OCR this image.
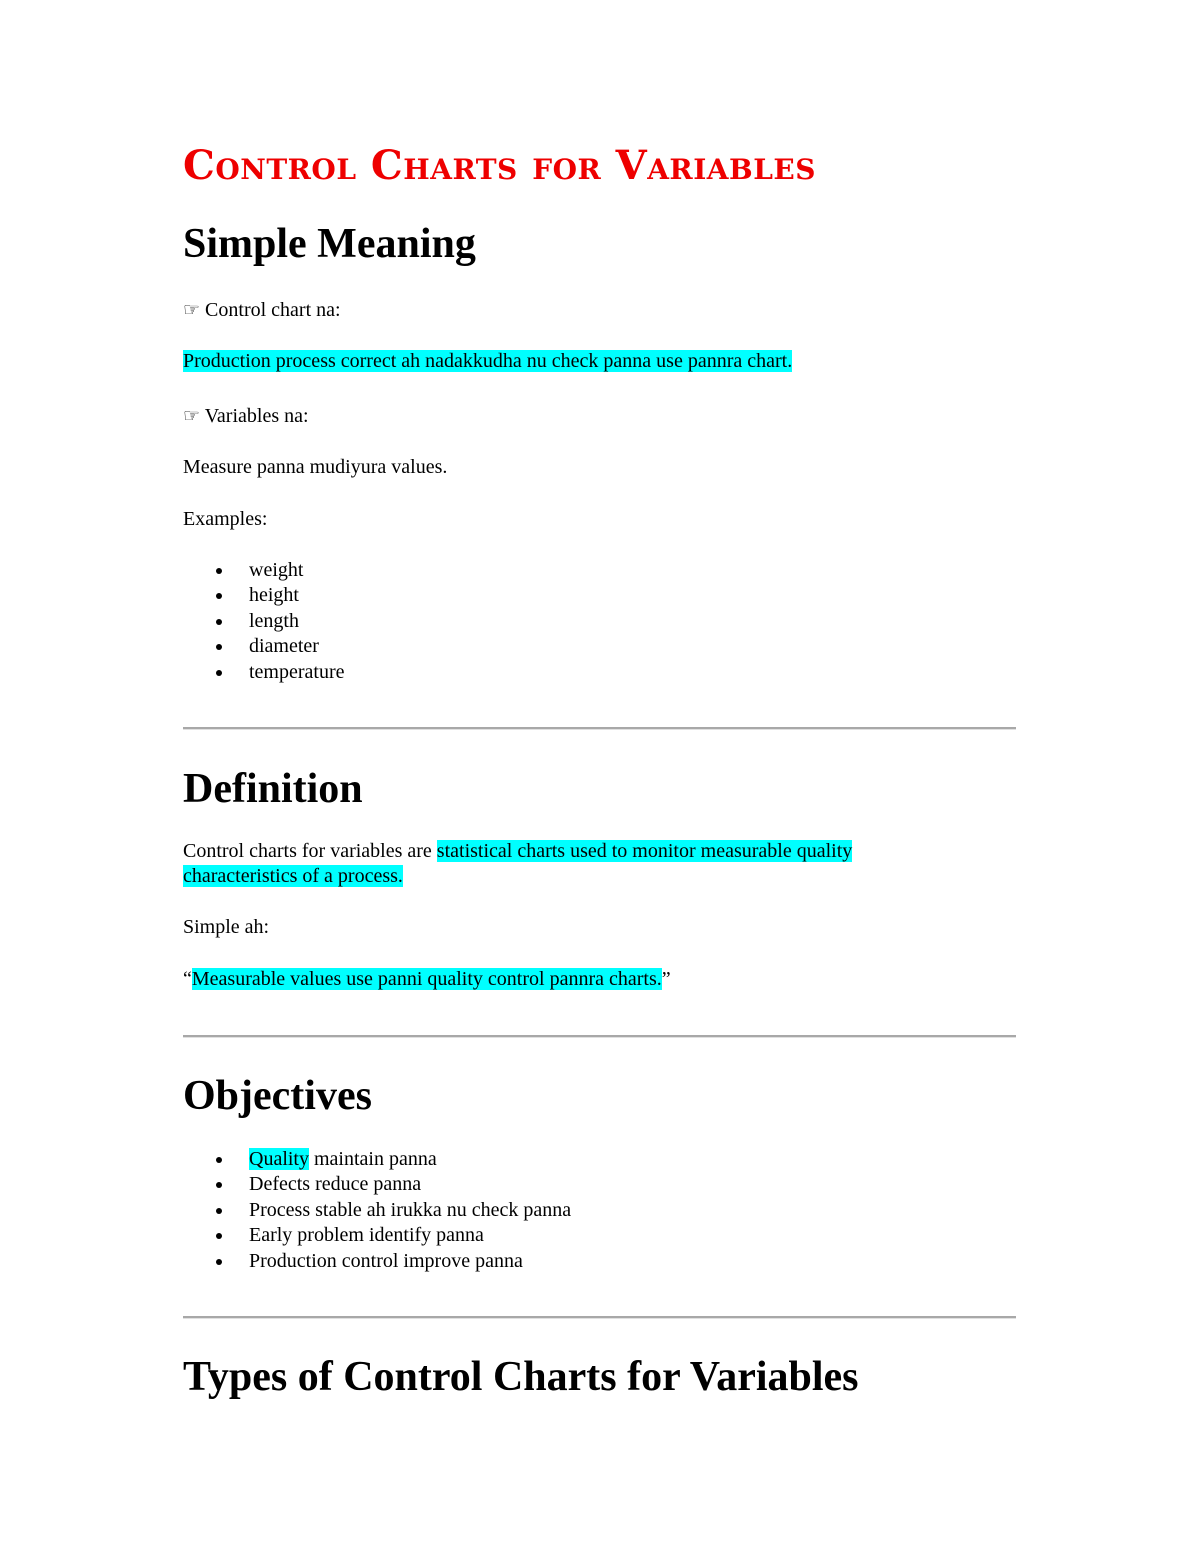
Control Charts for Variables
Simple Meaning
☞ Control chart na:
Production process correct ah nadakkudha nu check panna use pannra chart.
☞ Variables na:
Measure panna mudiyura values.
Examples:
weight
height
length
diameter
temperature
Definition
Control charts for variables are statistical charts used to monitor measurable quality
characteristics of a process.
Simple ah:
“Measurable values use panni quality control pannra charts.”
Objectives
Quality maintain panna
Defects reduce panna
Process stable ah irukka nu check panna
Early problem identify panna
Production control improve panna
Types of Control Charts for Variables
